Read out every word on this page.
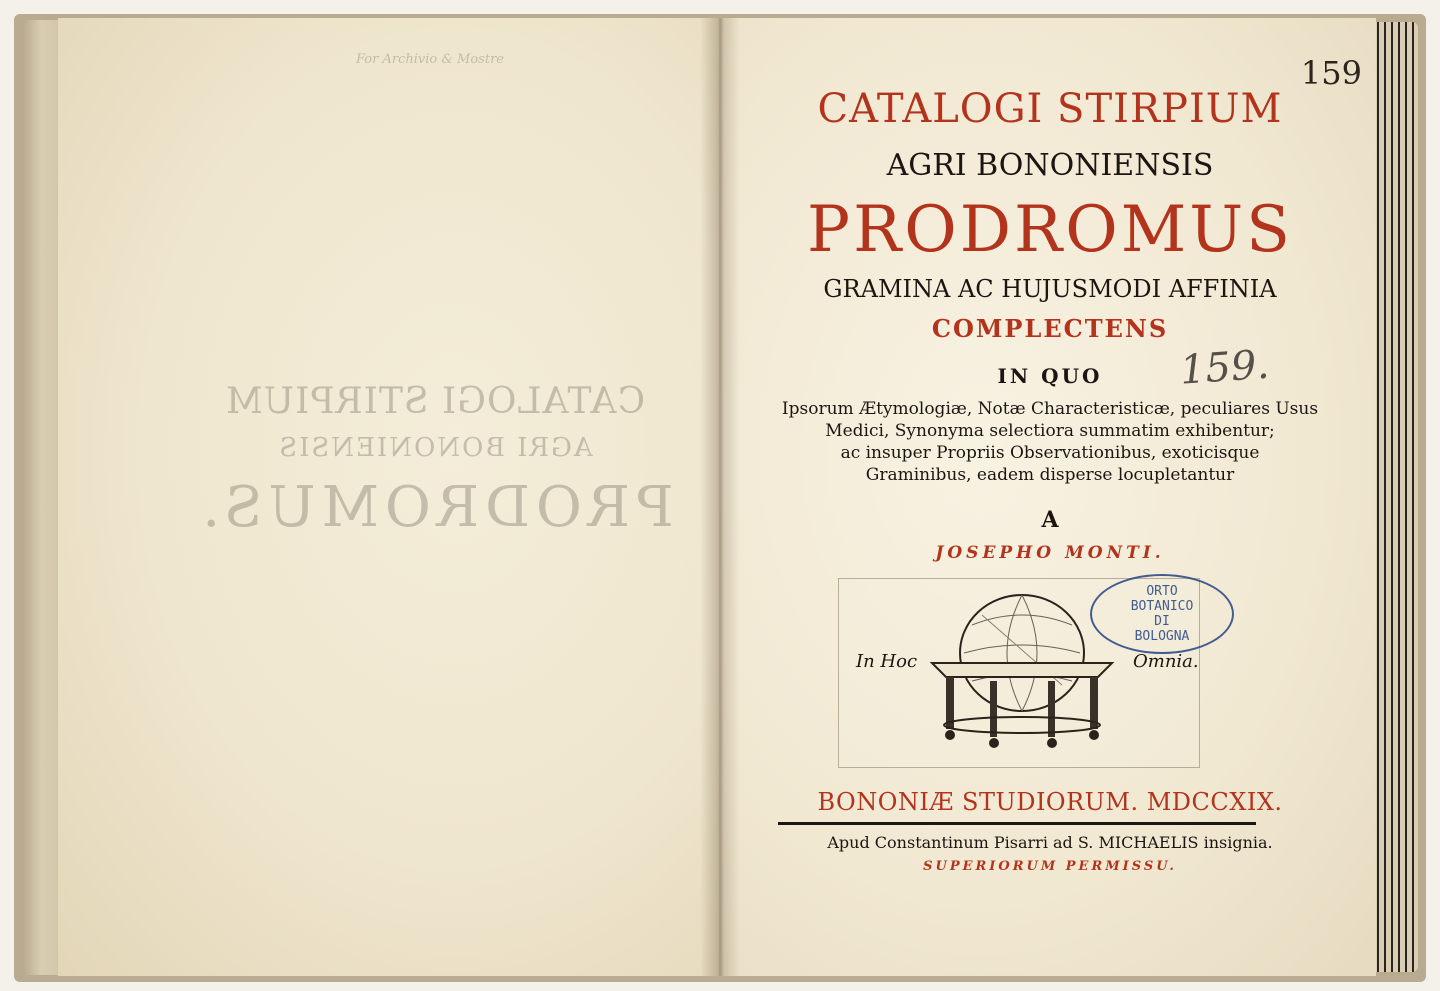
For Archivio & Mostre
CATALOGI STIRPIUM
AGRI BONONIENSIS
PRODROMUS.
159
CATALOGI STIRPIUM
AGRI BONONIENSIS
PRODROMUS
GRAMINA AC HUJUSMODI AFFINIA
COMPLECTENS
IN QUO	159.
Ipsorum Ætymologiæ, Notæ Characteristicæ, peculiares Usus
Medici, Synonyma selectiora summatim exhibentur;
ac insuper Propriis Observationibus, exoticisque
Graminibus, eadem disperse locupletantur
A
JOSEPHO MONTI.
In Hoc	Omnia.
ORTO
BOTANICO
DI
BOLOGNA
BONONIÆ STUDIORUM. MDCCXIX.
Apud Constantinum Pisarri ad S. MICHAELIS insignia.
SUPERIORUM PERMISSU.
